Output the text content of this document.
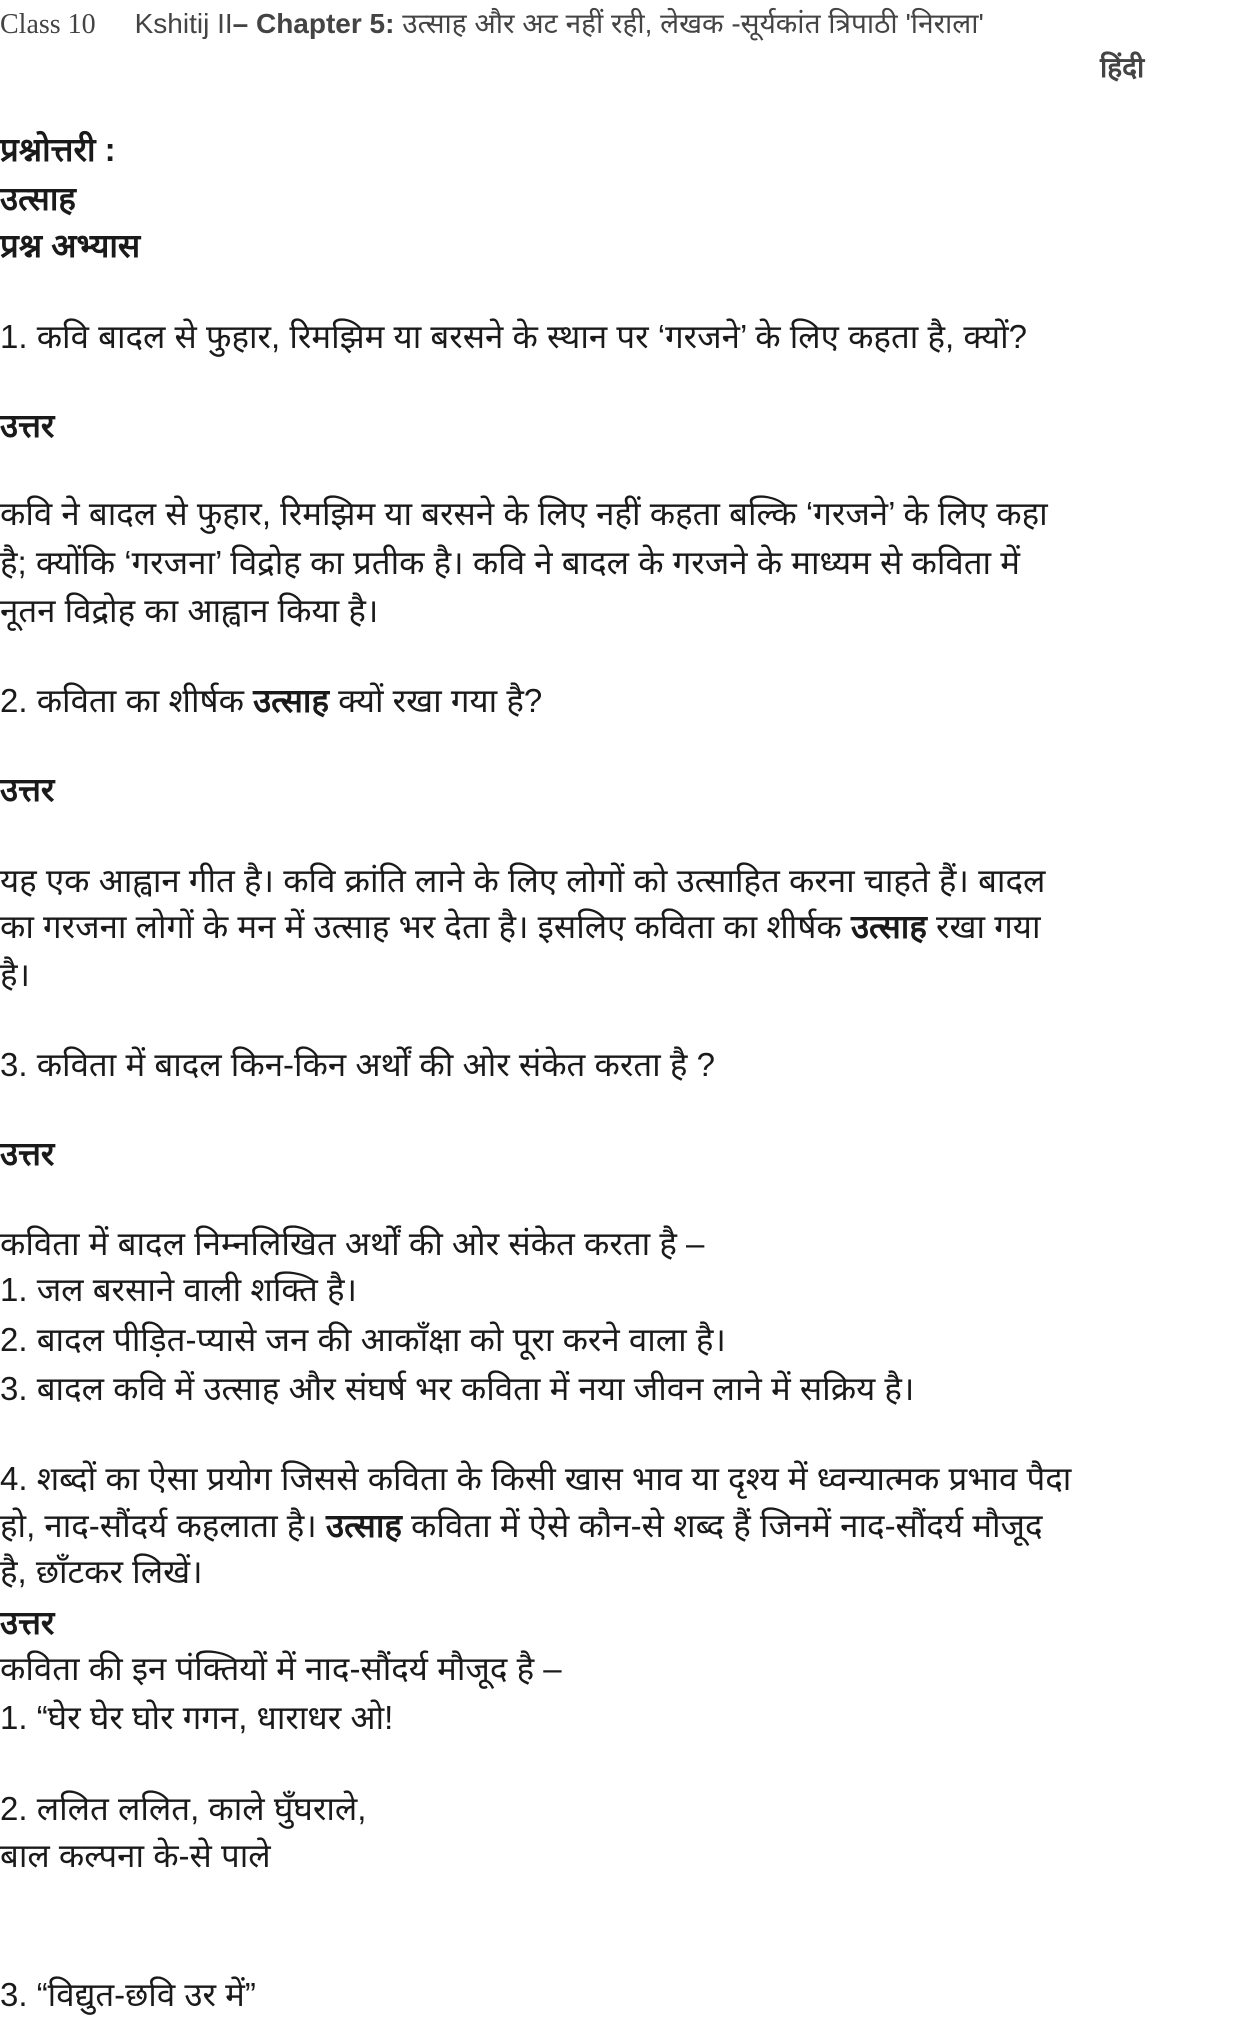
Class 10 Kshitij II– Chapter 5: उत्साह और अट नहीं रही, लेखक -सूर्यकांत त्रिपाठी 'निराला'
हिंदी
प्रश्नोत्तरी :
उत्साह
प्रश्न अभ्यास
1. कवि बादल से फुहार, रिमझिम या बरसने के स्थान पर ‘गरजने’ के लिए कहता है, क्यों?
उत्तर
कवि ने बादल से फुहार, रिमझिम या बरसने के लिए नहीं कहता बल्कि ‘गरजने’ के लिए कहा
है; क्योंकि ‘गरजना’ विद्रोह का प्रतीक है। कवि ने बादल के गरजने के माध्यम से कविता में
नूतन विद्रोह का आह्वान किया है।
2. कविता का शीर्षक उत्साह क्यों रखा गया है?
उत्तर
यह एक आह्वान गीत है। कवि क्रांति लाने के लिए लोगों को उत्साहित करना चाहते हैं। बादल
का गरजना लोगों के मन में उत्साह भर देता है। इसलिए कविता का शीर्षक उत्साह रखा गया
है।
3. कविता में बादल किन-किन अर्थों की ओर संकेत करता है ?
उत्तर
कविता में बादल निम्नलिखित अर्थों की ओर संकेत करता है –
1. जल बरसाने वाली शक्ति है।
2. बादल पीड़ित-प्यासे जन की आकाँक्षा को पूरा करने वाला है।
3. बादल कवि में उत्साह और संघर्ष भर कविता में नया जीवन लाने में सक्रिय है।
4. शब्दों का ऐसा प्रयोग जिससे कविता के किसी खास भाव या दृश्य में ध्वन्यात्मक प्रभाव पैदा
हो, नाद-सौंदर्य कहलाता है। उत्साह कविता में ऐसे कौन-से शब्द हैं जिनमें नाद-सौंदर्य मौजूद
है, छाँटकर लिखें।
उत्तर
कविता की इन पंक्तियों में नाद-सौंदर्य मौजूद है –
1. “घेर घेर घोर गगन, धाराधर ओ!
2. ललित ललित, काले घुँघराले,
बाल कल्पना के-से पाले
3. “विद्युत-छवि उर में”
